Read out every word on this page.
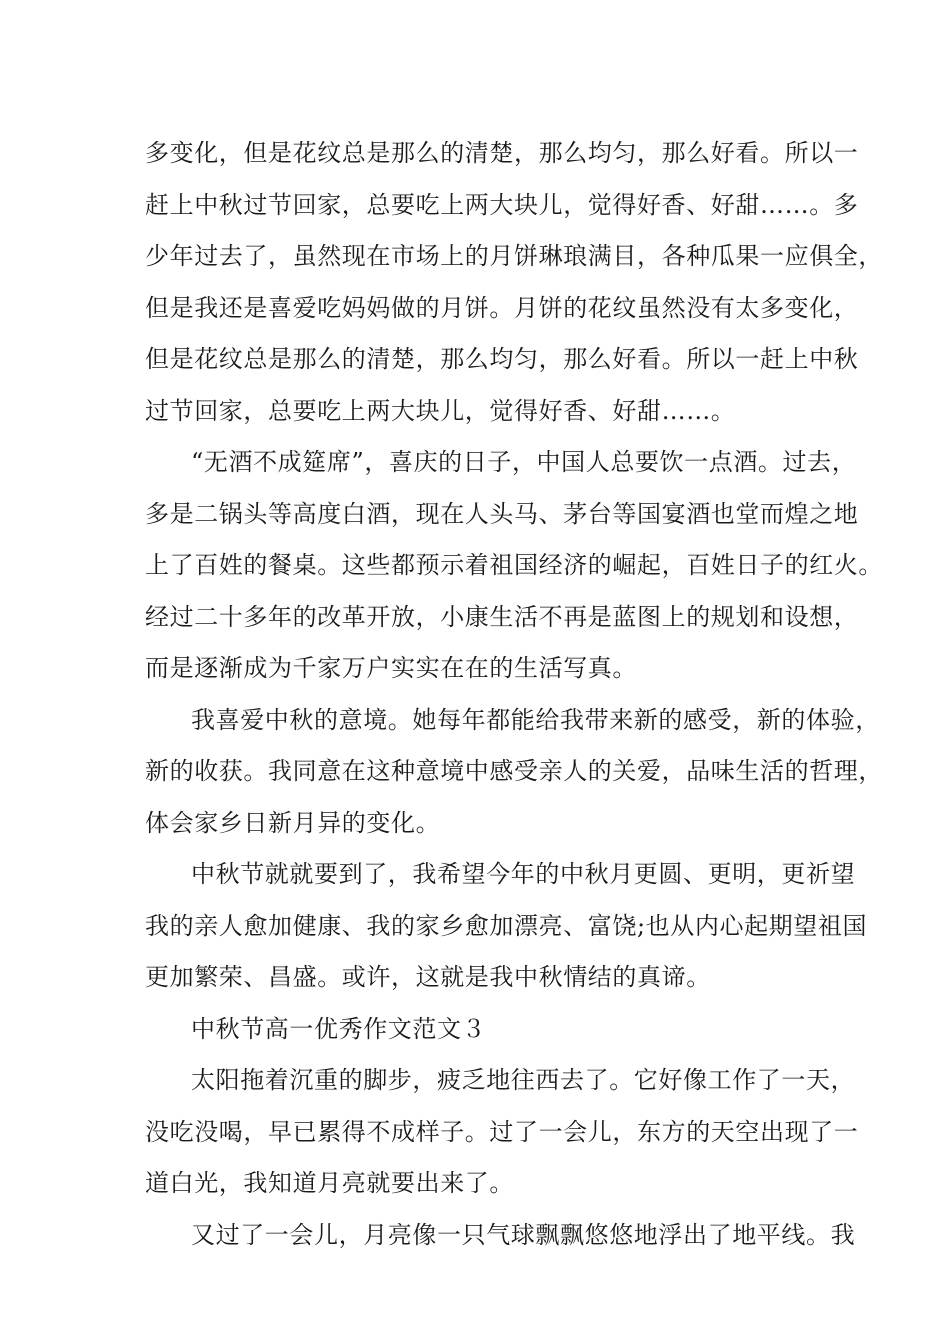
多变化，但是花纹总是那么的清楚，那么均匀，那么好看。所以一
赶上中秋过节回家，总要吃上两大块儿，觉得好香、好甜……。多
少年过去了，虽然现在市场上的月饼琳琅满目，各种瓜果一应俱全，
但是我还是喜爱吃妈妈做的月饼。月饼的花纹虽然没有太多变化，
但是花纹总是那么的清楚，那么均匀，那么好看。所以一赶上中秋
过节回家，总要吃上两大块儿，觉得好香、好甜……。
“无酒不成筵席”，喜庆的日子，中国人总要饮一点酒。过去，
多是二锅头等高度白酒，现在人头马、茅台等国宴酒也堂而煌之地
上了百姓的餐桌。这些都预示着祖国经济的崛起，百姓日子的红火。
经过二十多年的改革开放，小康生活不再是蓝图上的规划和设想，
而是逐渐成为千家万户实实在在的生活写真。
我喜爱中秋的意境。她每年都能给我带来新的感受，新的体验，
新的收获。我同意在这种意境中感受亲人的关爱，品味生活的哲理，
体会家乡日新月异的变化。
中秋节就就要到了，我希望今年的中秋月更圆、更明，更祈望
我的亲人愈加健康、我的家乡愈加漂亮、富饶;也从内心起期望祖国
更加繁荣、昌盛。或许，这就是我中秋情结的真谛。
中秋节高一优秀作文范文３
太阳拖着沉重的脚步，疲乏地往西去了。它好像工作了一天，
没吃没喝，早已累得不成样子。过了一会儿，东方的天空出现了一
道白光，我知道月亮就要出来了。
又过了一会儿，月亮像一只气球飘飘悠悠地浮出了地平线。我
